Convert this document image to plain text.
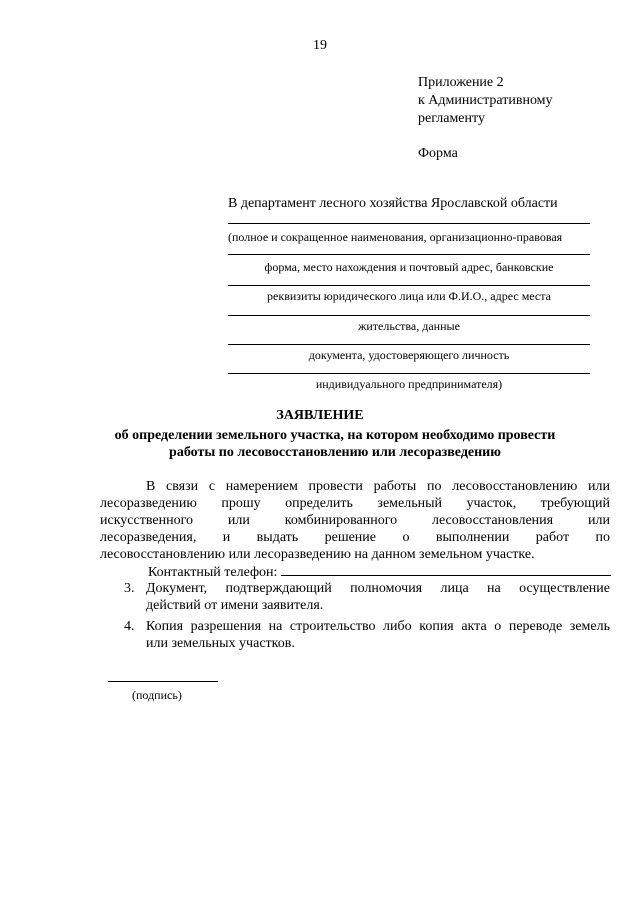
19
Приложение 2
к Административному
регламенту
Форма
В департамент лесного хозяйства Ярославской области
(полное и сокращенное наименования, организационно-правовая
форма, место нахождения и почтовый адрес, банковские
реквизиты юридического лица или Ф.И.О., адрес места
жительства, данные
документа, удостоверяющего личность
индивидуального предпринимателя)
ЗАЯВЛЕНИЕ
об определении земельного участка, на котором необходимо провести
работы по лесовосстановлению или лесоразведению
В связи с намерением провести работы по лесовосстановлению или
лесоразведению прошу определить земельный участок, требующий
искусственного или комбинированного лесовосстановления или
лесоразведения, и выдать решение о выполнении работ по
лесовосстановлению или лесоразведению на данном земельном участке.
Контактный телефон:
3. Документ, подтверждающий полномочия лица на осуществление
действий от имени заявителя.
4. Копия разрешения на строительство либо копия акта о переводе земель
или земельных участков.
(подпись)
